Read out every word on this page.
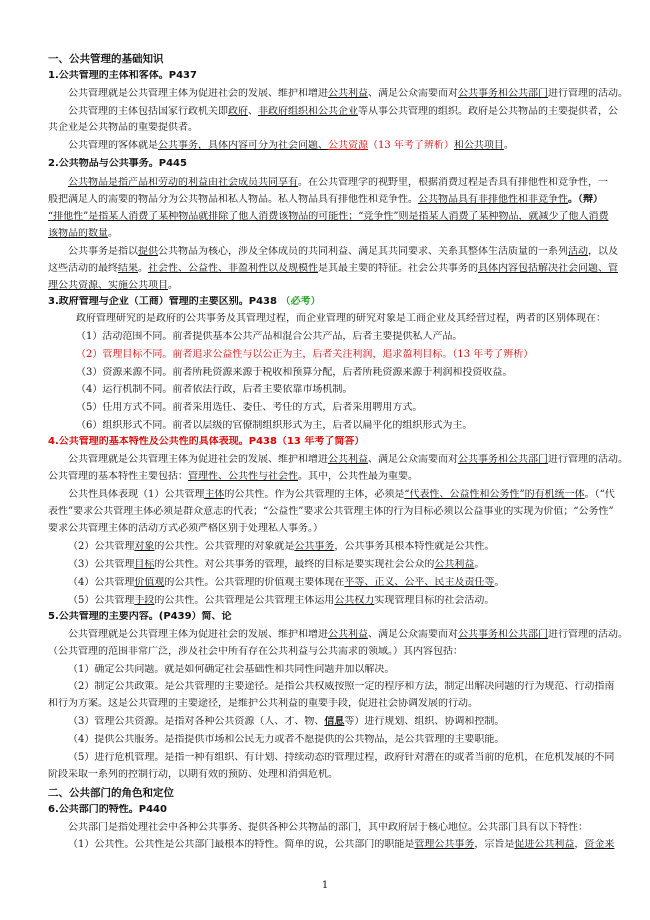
一、公共管理的基础知识
1.公共管理的主体和客体。P437
公共管理就是公共管理主体为促进社会的发展、维护和增进公共利益、满足公众需要而对公共事务和公共部门进行管理的活动。
公共管理的主体包括国家行政机关即政府、非政府组织和公共企业等从事公共管理的组织。政府是公共物品的主要提供者，公
共企业是公共物品的重要提供者。
公共管理的客体就是公共事务，具体内容可分为社会问题、公共资源（13 年考了辨析）和公共项目。
2.公共物品与公共事务。P445
公共物品是指产品和劳动的利益由社会成员共同享有。在公共管理学的视野里，根据消费过程是否具有排他性和竞争性，一
般把满足人的需要的物品分为公共物品和私人物品。私人物品具有排他性和竞争性。公共物品具有非排他性和非竞争性。（辩）
“排他性”是指某人消费了某种物品就排除了他人消费该物品的可能性；“竞争性”则是指某人消费了某种物品，就减少了他人消费
该物品的数量。
公共事务是指以提供公共物品为核心，涉及全体成员的共同利益、满足其共同要求、关系其整体生活质量的一系列活动，以及
这些活动的最终结果。社会性、公益性、非盈利性以及规模性是其最主要的特征。社会公共事务的具体内容包括解决社会问题、管
理公共资源、实施公共项目。
3.政府管理与企业（工商）管理的主要区别。P438 （必考）
政府管理研究的是政府的公共事务及其管理过程，而企业管理的研究对象是工商企业及其经营过程，两者的区别体现在：
（1）活动范围不同。前者提供基本公共产品和混合公共产品，后者主要提供私人产品。
（2）管理目标不同。前者追求公益性与以公正为主，后者关注利润，追求盈利目标。（13 年考了辨析）
（3）资源来源不同。前者所耗资源来源于税收和预算分配，后者所耗资源来源于利润和投资收益。
（4）运行机制不同。前者依法行政，后者主要依靠市场机制。
（5）任用方式不同。前者采用选任、委任、考任的方式，后者采用聘用方式。
（6）组织形式不同。前者以层级的官僚制组织形式为主，后者以扁平化的组织形式为主。
4.公共管理的基本特性及公共性的具体表现。P438（13 年考了简答）
公共管理就是公共管理主体为促进社会的发展、维护和增进公共利益、满足公众需要而对公共事务和公共部门进行管理的活动。
公共管理的基本特性主要包括：管理性、公共性与社会性。其中，公共性最为重要。
公共性具体表现（1）公共管理主体的公共性。作为公共管理的主体，必须是“代表性、公益性和公务性”的有机统一体。（“代
表性”要求公共管理主体必须是群众意志的代表；“公益性”要求公共管理主体的行为目标必须以公益事业的实现为价值；“公务性”
要求公共管理主体的活动方式必须严格区别于处理私人事务。）
（2）公共管理对象的公共性。公共管理的对象就是公共事务，公共事务其根本特性就是公共性。
（3）公共管理目标的公共性。对公共事务的管理，最终的目标是要实现社会公众的公共利益。
（4）公共管理价值观的公共性。公共管理的价值观主要体现在平等、正义、公平、民主及责任等。
（5）公共管理手段的公共性。公共管理是公共管理主体运用公共权力实现管理目标的社会活动。
5.公共管理的主要内容。(P439）简、论
公共管理就是公共管理主体为促进社会的发展、维护和增进公共利益、满足公众需要而对公共事务和公共部门进行管理的活动。
（公共管理的范围非常广泛，涉及社会中所有存在公共利益与公共需求的领域。）其内容包括：
（1）确定公共问题。就是如何确定社会基础性和共同性问题并加以解决。
（2）制定公共政策。是公共管理的主要途径。是指公共权威按照一定的程序和方法，制定出解决问题的行为规范、行动指南
和行为方案。这是公共管理的主要途径，是维护公共利益的重要手段，促进社会协调发展的行动。
（3）管理公共资源。是指对各种公共资源（人、才、物、信息等）进行规划、组织、协调和控制。
（4）提供公共服务。是指提供市场和公民无力或者不愿提供的公共物品，是公共管理的主要职能。
（5）进行危机管理。是指一种有组织、有计划、持续动态的管理过程，政府针对潜在的或者当前的危机，在危机发展的不同
阶段采取一系列的控制行动，以期有效的预防、处理和消弭危机。
二、公共部门的角色和定位
6.公共部门的特性。P440
公共部门是指处理社会中各种公共事务、提供各种公共物品的部门，其中政府居于核心地位。公共部门具有以下特性：
（1）公共性。公共性是公共部门最根本的特性。简单的说，公共部门的职能是管理公共事务，宗旨是促进公共利益，资金来
1
